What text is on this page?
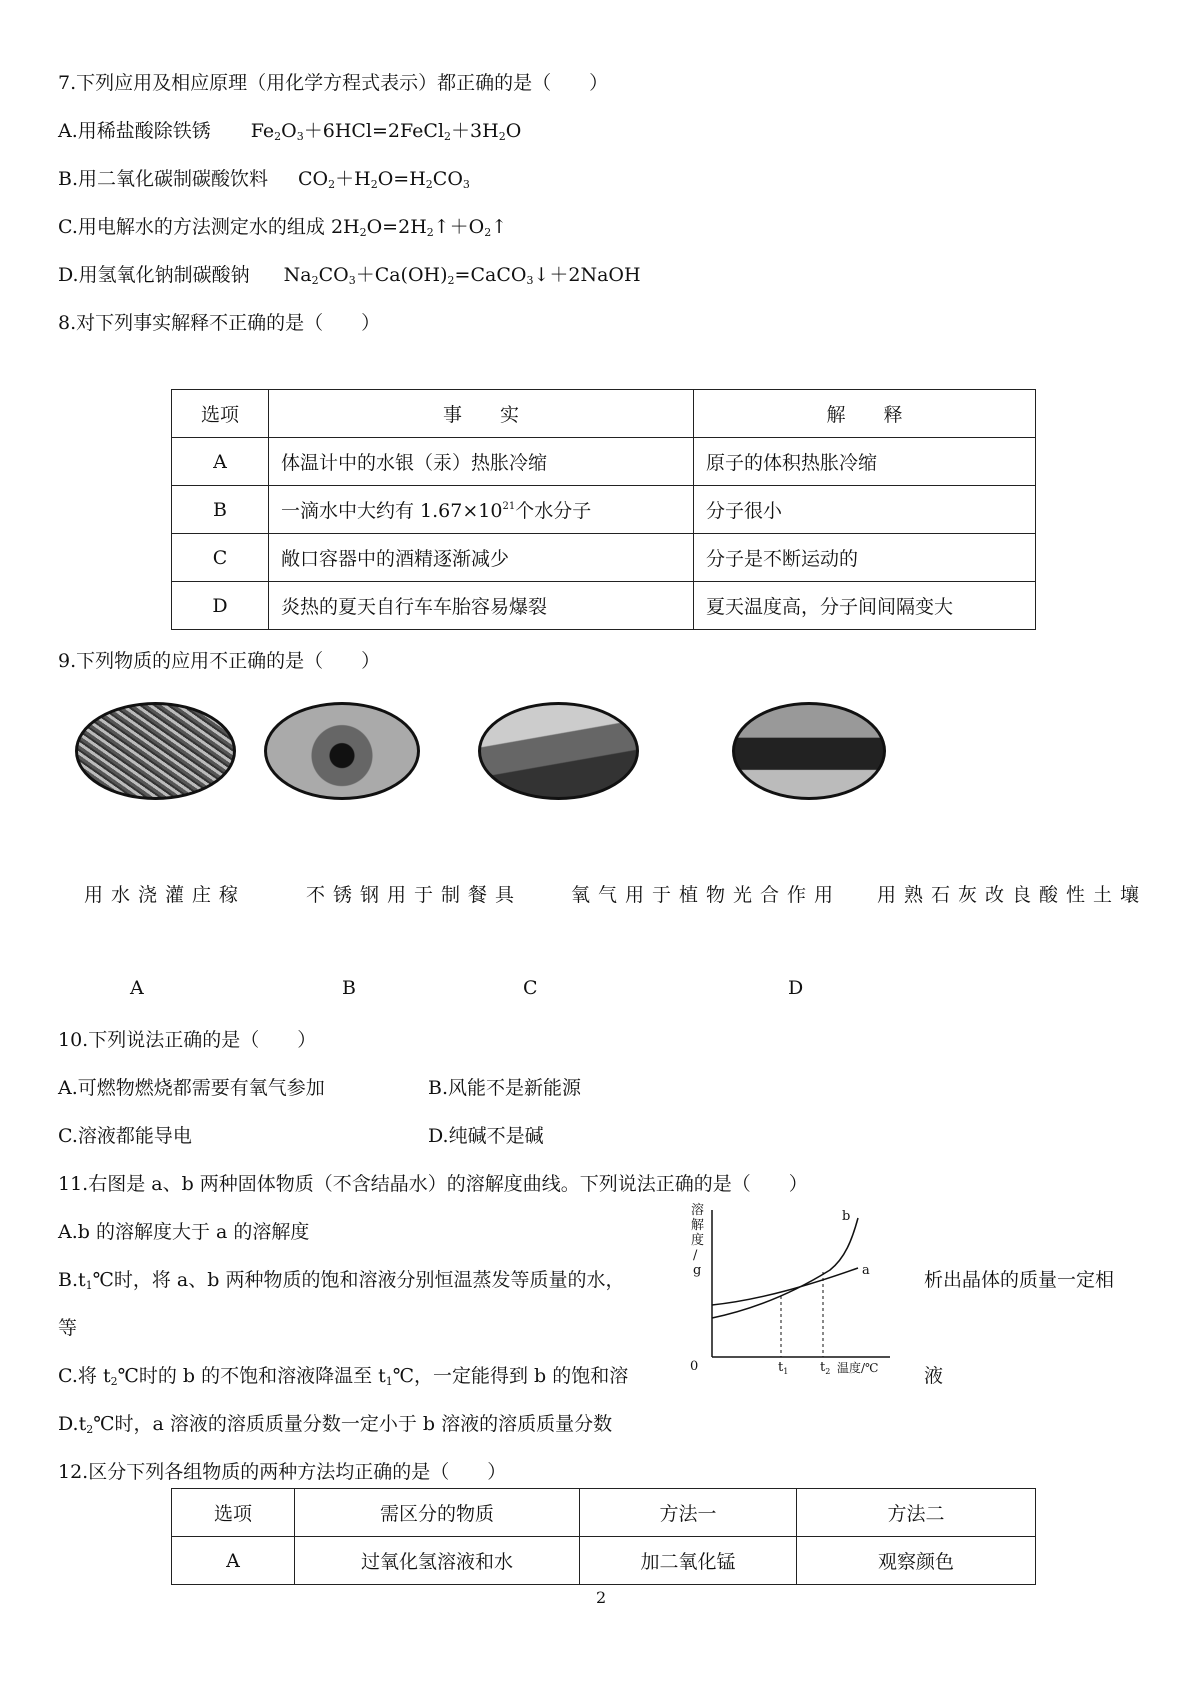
7.下列应用及相应原理（用化学方程式表示）都正确的是（　　）
A.用稀盐酸除铁锈 $Fe_2O_3+6HCl=2FeCl_2+3H_2O$
B.用二氧化碳制碳酸饮料 $CO_2+H_2O=H_2CO_3$
C.用电解水的方法测定水的组成 $2H_2O=2H_2↑+O_2↑$
D.用氢氧化钠制碳酸钠 $Na_2CO_3+Ca(OH)_2=CaCO_3↓+2NaOH$
8.对下列事实解释不正确的是（　　）
选项	事　　实	解　　释
A	体温计中的水银（汞）热胀冷缩	原子的体积热胀冷缩
B	一滴水中大约有 $1.67\times 10^{21}$个水分子	分子很小
C	敞口容器中的酒精逐渐减少	分子是不断运动的
D	炎热的夏天自行车车胎容易爆裂	夏天温度高，分子间间隔变大
9.下列物质的应用不正确的是（　　）
用水浇灌庄稼	不锈钢用于制餐具	氧气用于植物光合作用 用熟石灰改良酸性土壤
A	B	C	D
10.下列说法正确的是（　　）
A.可燃物燃烧都需要有氧气参加	B.风能不是新能源
C.溶液都能导电	D.纯碱不是碱
11.右图是 a、b 两种固体物质（不含结晶水）的溶解度曲线。下列说法正确的是（　　）
A.b 的溶解度大于 a 的溶解度
$B.t_1℃$时，将 a、b 两种物质的饱和溶液分别恒温蒸发等质量的水，	析出晶体的质量一定相
等
C.将 $t_2℃$时的 b 的不饱和溶液降温至 $t_1℃$，一定能得到 b 的饱和溶	液
$D.t_2℃$时，a 溶液的溶质质量分数一定小于 b 溶液的溶质质量分数
溶
解
度
/
g
0	$t_1$ $t_2$ 温度/℃
b
a
12.区分下列各组物质的两种方法均正确的是（　　）
选项	需区分的物质	方法一	方法二
A	过氧化氢溶液和水	加二氧化锰	观察颜色
2
